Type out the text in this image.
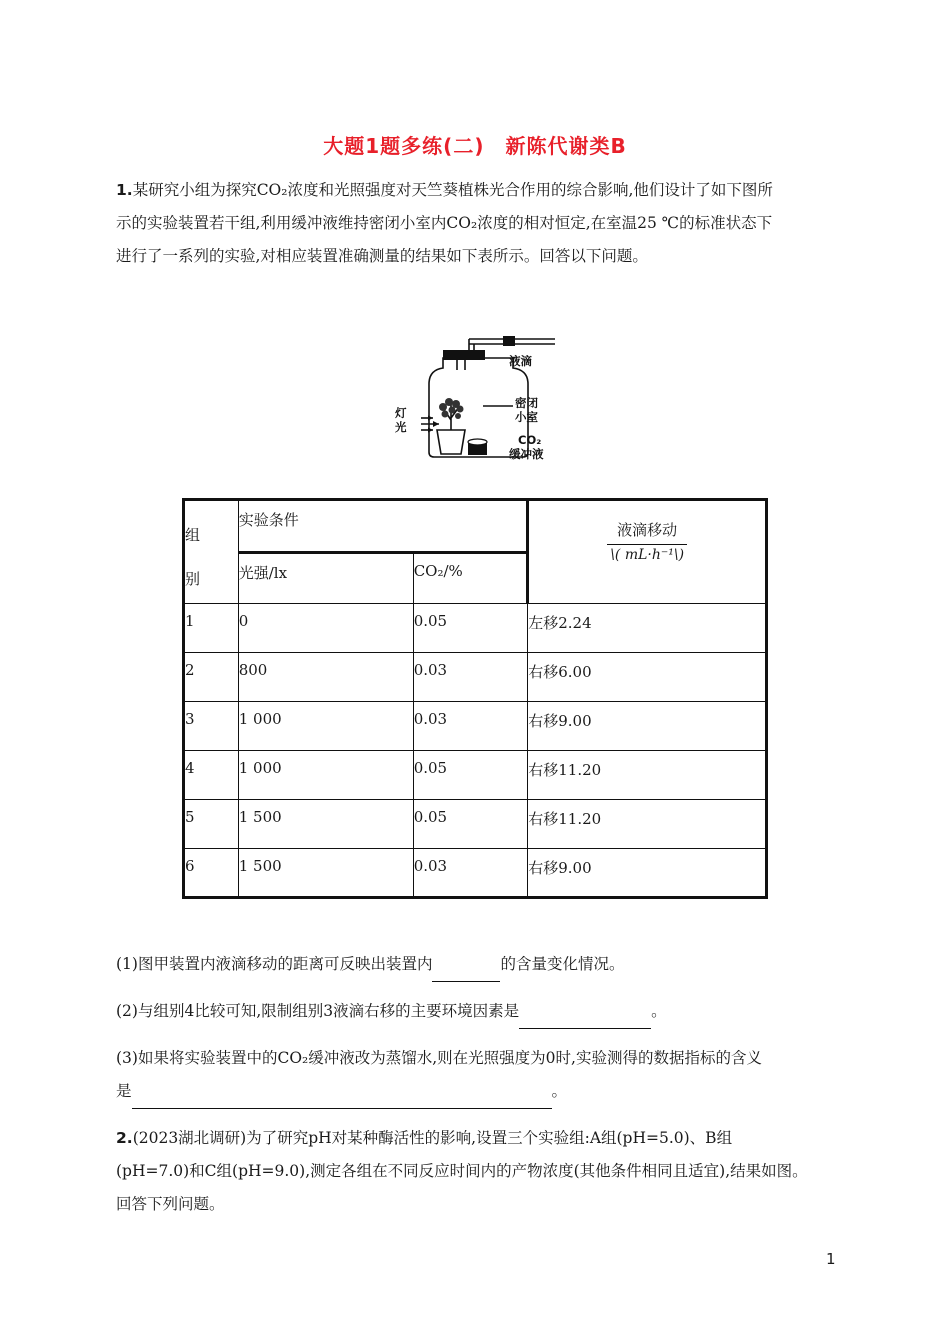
大题1题多练(二)　新陈代谢类B
1.某研究小组为探究CO₂浓度和光照强度对天竺葵植株光合作用的综合影响,他们设计了如下图所
示的实验装置若干组,利用缓冲液维持密闭小室内CO₂浓度的相对恒定,在室温25 ℃的标准状态下
进行了一系列的实验,对相应装置准确测量的结果如下表所示。回答以下问题。
液滴
密闭
小室
CO₂
缓冲液
灯
光
组
别	实验条件		液滴移动
\( mL·h⁻¹\)

	光强/lx	CO₂/%	

1	0	0.05	左移2.24

2	800	0.03	右移6.00

3	1 000	0.03	右移9.00

4	1 000	0.05	右移11.20

5	1 500	0.05	右移11.20

6	1 500	0.03	右移9.00
(1)图甲装置内液滴移动的距离可反映出装置内	的含量变化情况。
(2)与组别4比较可知,限制组别3液滴右移的主要环境因素是	。
(3)如果将实验装置中的CO₂缓冲液改为蒸馏水,则在光照强度为0时,实验测得的数据指标的含义
是	。
2.(2023湖北调研)为了研究pH对某种酶活性的影响,设置三个实验组:A组(pH=5.0)、B组
(pH=7.0)和C组(pH=9.0),测定各组在不同反应时间内的产物浓度(其他条件相同且适宜),结果如图。
回答下列问题。
1
